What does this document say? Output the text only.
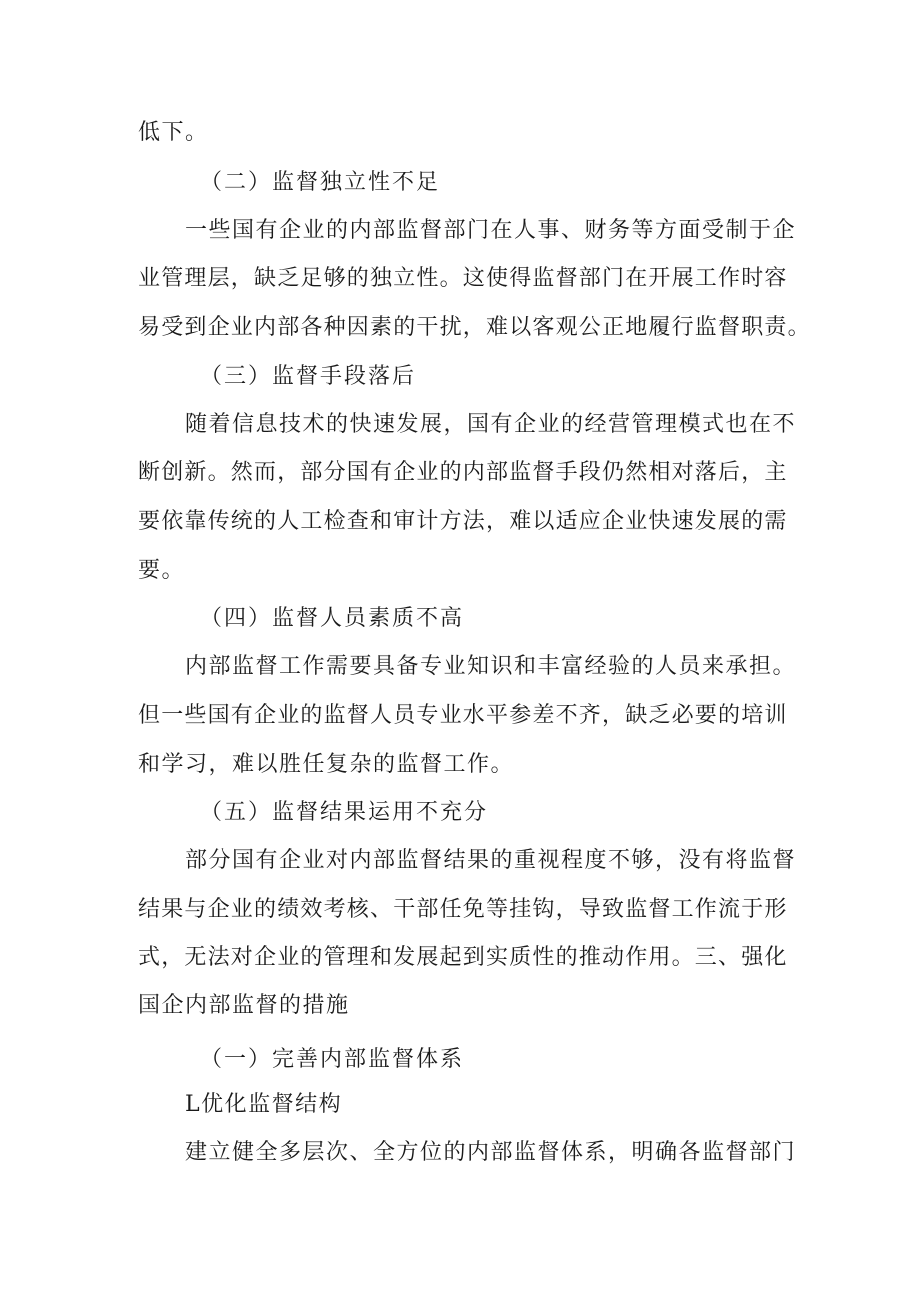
低下。
（二）监督独立性不足
一些国有企业的内部监督部门在人事、财务等方面受制于企
业管理层，缺乏足够的独立性。这使得监督部门在开展工作时容
易受到企业内部各种因素的干扰，难以客观公正地履行监督职责。
（三）监督手段落后
随着信息技术的快速发展，国有企业的经营管理模式也在不
断创新。然而，部分国有企业的内部监督手段仍然相对落后，主
要依靠传统的人工检查和审计方法，难以适应企业快速发展的需
要。
（四）监督人员素质不高
内部监督工作需要具备专业知识和丰富经验的人员来承担。
但一些国有企业的监督人员专业水平参差不齐，缺乏必要的培训
和学习，难以胜任复杂的监督工作。
（五）监督结果运用不充分
部分国有企业对内部监督结果的重视程度不够，没有将监督
结果与企业的绩效考核、干部任免等挂钩，导致监督工作流于形
式，无法对企业的管理和发展起到实质性的推动作用。三、强化
国企内部监督的措施
（一）完善内部监督体系
L优化监督结构
建立健全多层次、全方位的内部监督体系，明确各监督部门
